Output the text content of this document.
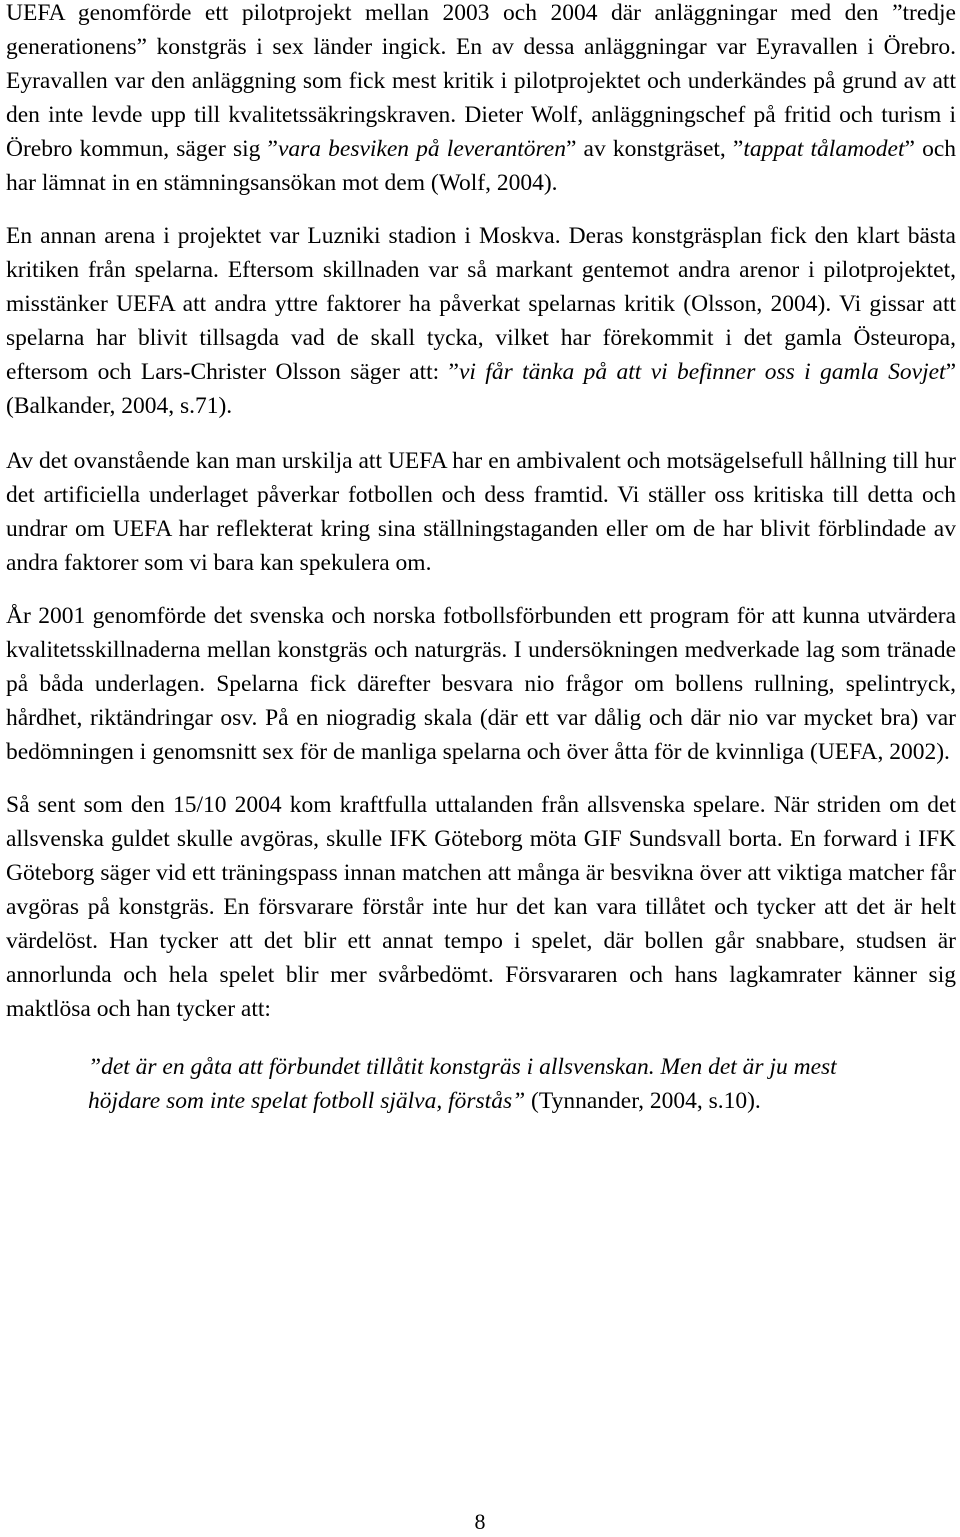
UEFA genomförde ett pilotprojekt mellan 2003 och 2004 där anläggningar med den ”tredje generationens” konstgräs i sex länder ingick. En av dessa anläggningar var Eyravallen i Örebro. Eyravallen var den anläggning som fick mest kritik i pilotprojektet och underkändes på grund av att den inte levde upp till kvalitetssäkringskraven. Dieter Wolf, anläggningschef på fritid och turism i Örebro kommun, säger sig ”vara besviken på leverantören” av konstgräset, ”tappat tålamodet” och har lämnat in en stämningsansökan mot dem (Wolf, 2004).

En annan arena i projektet var Luzniki stadion i Moskva. Deras konstgräsplan fick den klart bästa kritiken från spelarna. Eftersom skillnaden var så markant gentemot andra arenor i pilotprojektet, misstänker UEFA att andra yttre faktorer ha påverkat spelarnas kritik (Olsson, 2004). Vi gissar att spelarna har blivit tillsagda vad de skall tycka, vilket har förekommit i det gamla Östeuropa, eftersom och Lars-Christer Olsson säger att: ”vi får tänka på att vi befinner oss i gamla Sovjet” (Balkander, 2004, s.71).

Av det ovanstående kan man urskilja att UEFA har en ambivalent och motsägelsefull hållning till hur det artificiella underlaget påverkar fotbollen och dess framtid. Vi ställer oss kritiska till detta och undrar om UEFA har reflekterat kring sina ställningstaganden eller om de har blivit förblindade av andra faktorer som vi bara kan spekulera om.

År 2001 genomförde det svenska och norska fotbollsförbunden ett program för att kunna utvärdera kvalitetsskillnaderna mellan konstgräs och naturgräs. I undersökningen medverkade lag som tränade på båda underlagen. Spelarna fick därefter besvara nio frågor om bollens rullning, spelintryck, hårdhet, riktändringar osv. På en niogradig skala (där ett var dålig och där nio var mycket bra) var bedömningen i genomsnitt sex för de manliga spelarna och över åtta för de kvinnliga (UEFA, 2002).

Så sent som den 15/10 2004 kom kraftfulla uttalanden från allsvenska spelare. När striden om det allsvenska guldet skulle avgöras, skulle IFK Göteborg möta GIF Sundsvall borta. En forward i IFK Göteborg säger vid ett träningspass innan matchen att många är besvikna över att viktiga matcher får avgöras på konstgräs. En försvarare förstår inte hur det kan vara tillåtet och tycker att det är helt värdelöst. Han tycker att det blir ett annat tempo i spelet, där bollen går snabbare, studsen är annorlunda och hela spelet blir mer svårbedömt. Försvararen och hans lagkamrater känner sig maktlösa och han tycker att:

”det är en gåta att förbundet tillåtit konstgräs i allsvenskan. Men det är ju mest höjdare som inte spelat fotboll själva, förstås” (Tynnander, 2004, s.10).

8
